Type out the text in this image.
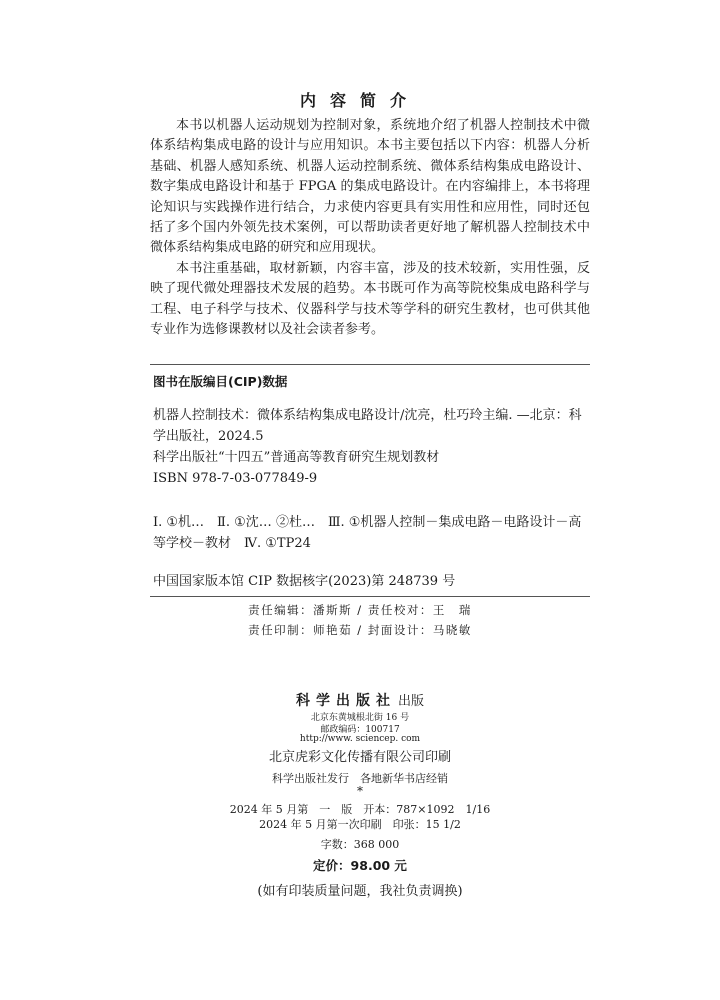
内容简介

本书以机器人运动规划为控制对象，系统地介绍了机器人控制技术中微体系结构集成电路的设计与应用知识。本书主要包括以下内容：机器人分析基础、机器人感知系统、机器人运动控制系统、微体系结构集成电路设计、数字集成电路设计和基于 FPGA 的集成电路设计。在内容编排上，本书将理论知识与实践操作进行结合，力求使内容更具有实用性和应用性，同时还包括了多个国内外领先技术案例，可以帮助读者更好地了解机器人控制技术中微体系结构集成电路的研究和应用现状。

本书注重基础，取材新颖，内容丰富，涉及的技术较新，实用性强，反映了现代微处理器技术发展的趋势。本书既可作为高等院校集成电路科学与工程、电子科学与技术、仪器科学与技术等学科的研究生教材，也可供其他专业作为选修课教材以及社会读者参考。

图书在版编目(CIP)数据

机器人控制技术：微体系结构集成电路设计/沈亮，杜巧玲主编. —北京：科学出版社，2024.5

科学出版社“十四五”普通高等教育研究生规划教材

ISBN 978-7-03-077849-9

Ⅰ. ①机…　Ⅱ. ①沈… ②杜…　Ⅲ. ①机器人控制－集成电路－电路设计－高等学校－教材　Ⅳ. ①TP24
中国国家版本馆 CIP 数据核字(2023)第 248739 号
责任编辑：潘斯斯 / 责任校对：王　瑞
责任印制：师艳茹 / 封面设计：马晓敏
科学出版社 出版
北京东黄城根北街 16 号
邮政编码：100717
http://www. sciencep. com
北京虎彩文化传播有限公司印刷
科学出版社发行　各地新华书店经销
*
2024 年 5 月第　一　版　开本：787×1092　1/16
2024 年 5 月第一次印刷　印张：15 1/2
字数：368 000
定价：98.00 元
(如有印装质量问题，我社负责调换)
